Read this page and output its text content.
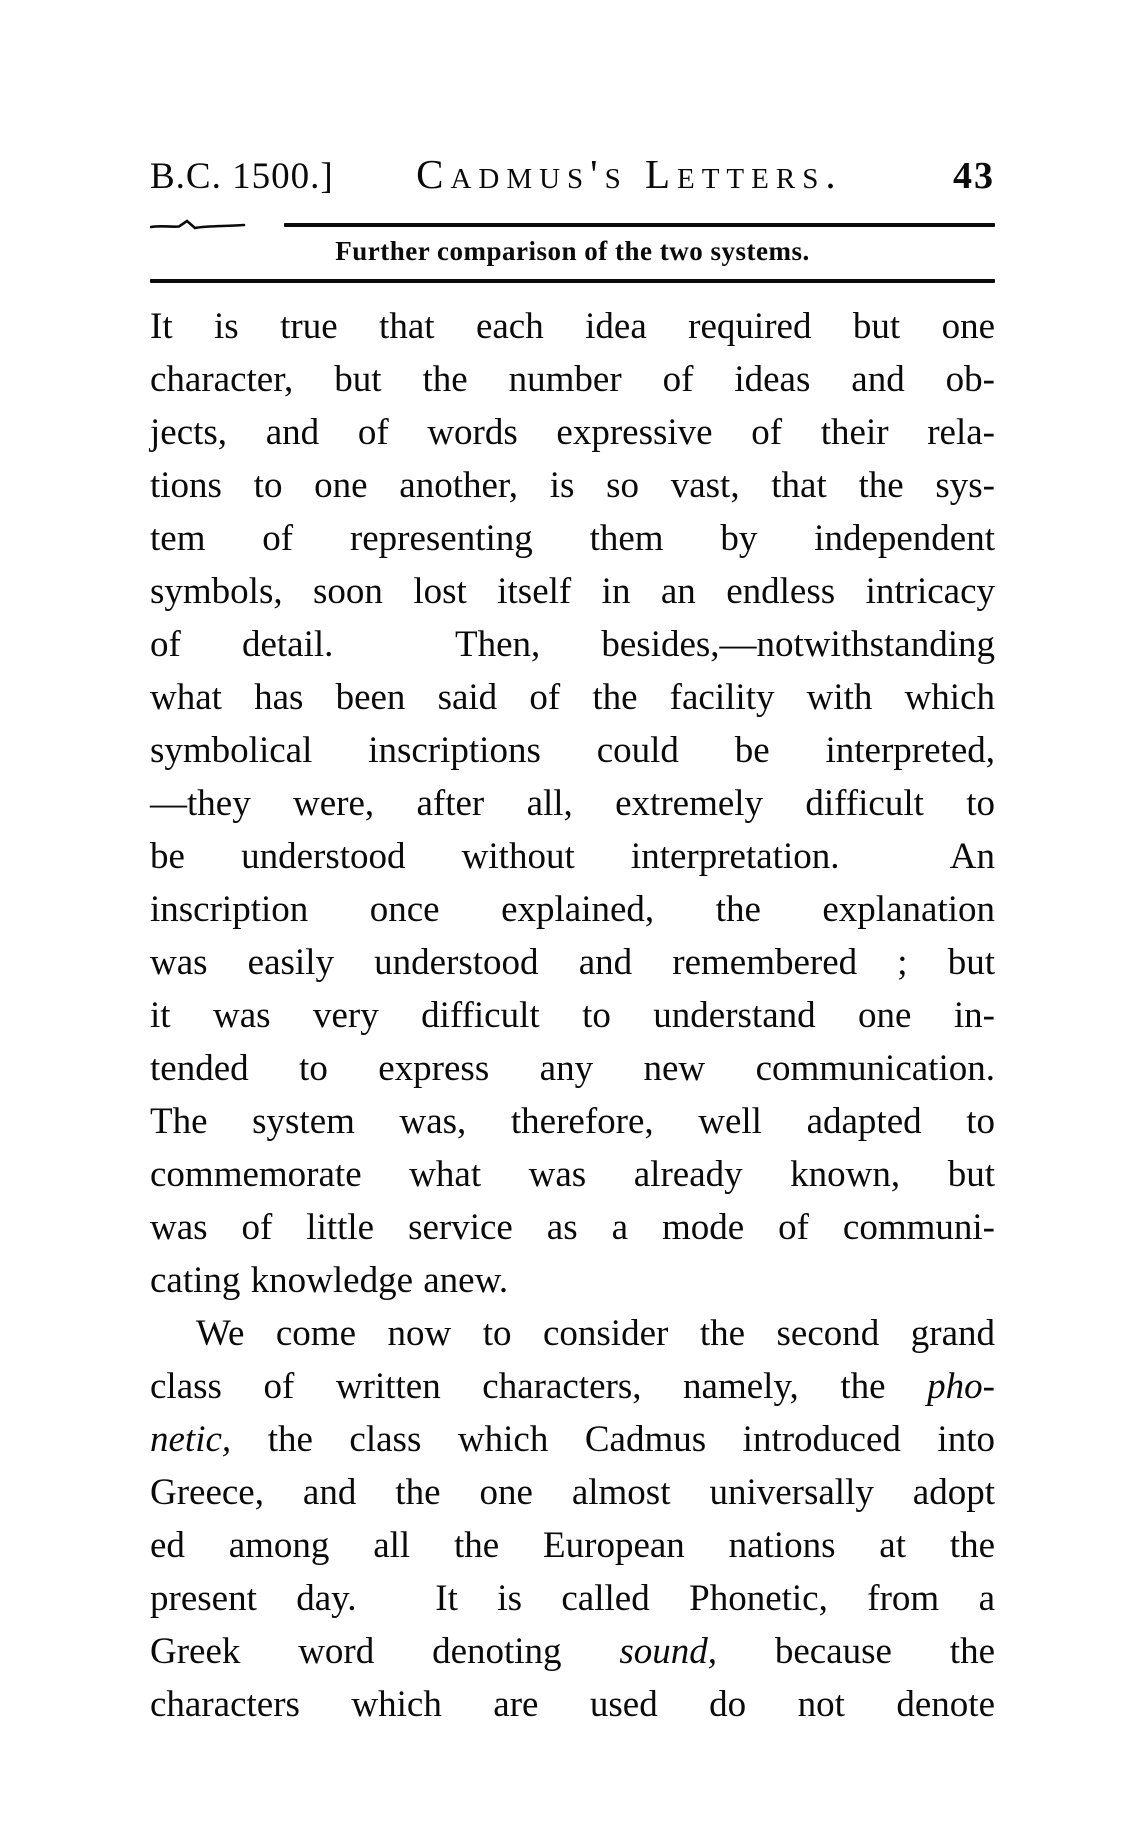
B.C. 1500.]	Cadmus's Letters.	43
Further comparison of the two systems.
It is true that each idea required but one
character, but the number of ideas and ob-
jects, and of words expressive of their rela-
tions to one another, is so vast, that the sys-
tem of representing them by independent
symbols, soon lost itself in an endless intricacy
of detail.  Then, besides,—notwithstanding
what has been said of the facility with which
symbolical inscriptions could be interpreted,
—they were, after all, extremely difficult to
be understood without interpretation.  An
inscription once explained, the explanation
was easily understood and remembered ; but
it was very difficult to understand one in-
tended to express any new communication.
The system was, therefore, well adapted to
commemorate what was already known, but
was of little service as a mode of communi-
cating knowledge anew.
We come now to consider the second grand
class of written characters, namely, the pho-
netic, the class which Cadmus introduced into
Greece, and the one almost universally adopt
ed among all the European nations at the
present day.  It is called Phonetic, from a
Greek word denoting sound, because the
characters which are used do not denote
